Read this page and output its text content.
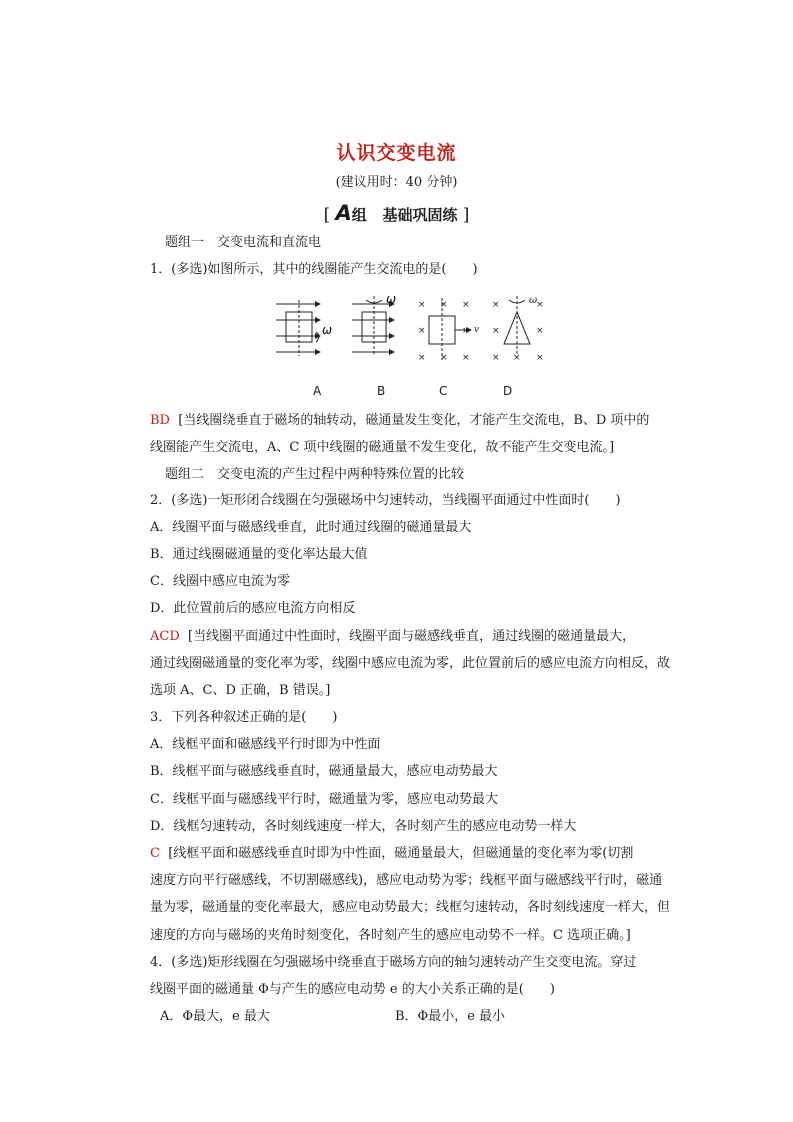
认识交变电流
(建议用时：40 分钟)
[ A组 基础巩固练 ]
题组一　交变电流和直流电
1．(多选)如图所示，其中的线圈能产生交流电的是(　　)
ω
ω × × ×
×	×
× × ×
v
×	×
×	×
× × ×
ω
A	B	C	D
BD [当线圈绕垂直于磁场的轴转动，磁通量发生变化，才能产生交流电，B、D 项中的
线圈能产生交流电，A、C 项中线圈的磁通量不发生变化，故不能产生交变电流。]
题组二　交变电流的产生过程中两种特殊位置的比较
2．(多选)一矩形闭合线圈在匀强磁场中匀速转动，当线圈平面通过中性面时(　　)
A．线圈平面与磁感线垂直，此时通过线圈的磁通量最大
B．通过线圈磁通量的变化率达最大值
C．线圈中感应电流为零
D．此位置前后的感应电流方向相反
ACD [当线圈平面通过中性面时，线圈平面与磁感线垂直，通过线圈的磁通量最大，
通过线圈磁通量的变化率为零，线圈中感应电流为零，此位置前后的感应电流方向相反，故
选项 A、C、D 正确，B 错误。]
3．下列各种叙述正确的是(　　)
A．线框平面和磁感线平行时即为中性面
B．线框平面与磁感线垂直时，磁通量最大，感应电动势最大
C．线框平面与磁感线平行时，磁通量为零，感应电动势最大
D．线框匀速转动，各时刻线速度一样大，各时刻产生的感应电动势一样大
C [线框平面和磁感线垂直时即为中性面，磁通量最大，但磁通量的变化率为零(切割
速度方向平行磁感线，不切割磁感线)，感应电动势为零；线框平面与磁感线平行时，磁通
量为零，磁通量的变化率最大，感应电动势最大；线框匀速转动，各时刻线速度一样大，但
速度的方向与磁场的夹角时刻变化，各时刻产生的感应电动势不一样。C 选项正确。]
4．(多选)矩形线圈在匀强磁场中绕垂直于磁场方向的轴匀速转动产生交变电流。穿过
线圈平面的磁通量 Φ与产生的感应电动势 e 的大小关系正确的是(　　)
A．Φ最大，e 最大	B．Φ最小，e 最小
